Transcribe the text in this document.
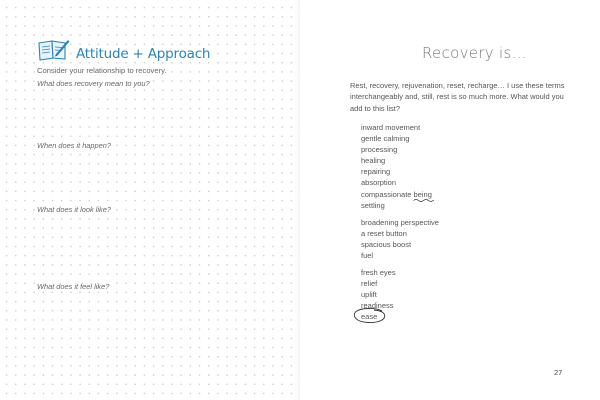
Attitude + Approach
Consider your relationship to recovery.
What does recovery mean to you?
When does it happen?
What does it look like?
What does it feel like?
Recovery is…
Rest, recovery, rejuvenation, reset, recharge… I use these terms interchangeably and, still, rest is so much more. What would you add to this list?
inward movement
gentle calming
processing
healing
repairing
absorption
compassionate being
settling
broadening perspective
a reset button
spacious boost
fuel
fresh eyes
relief
uplift
readiness
ease
27
